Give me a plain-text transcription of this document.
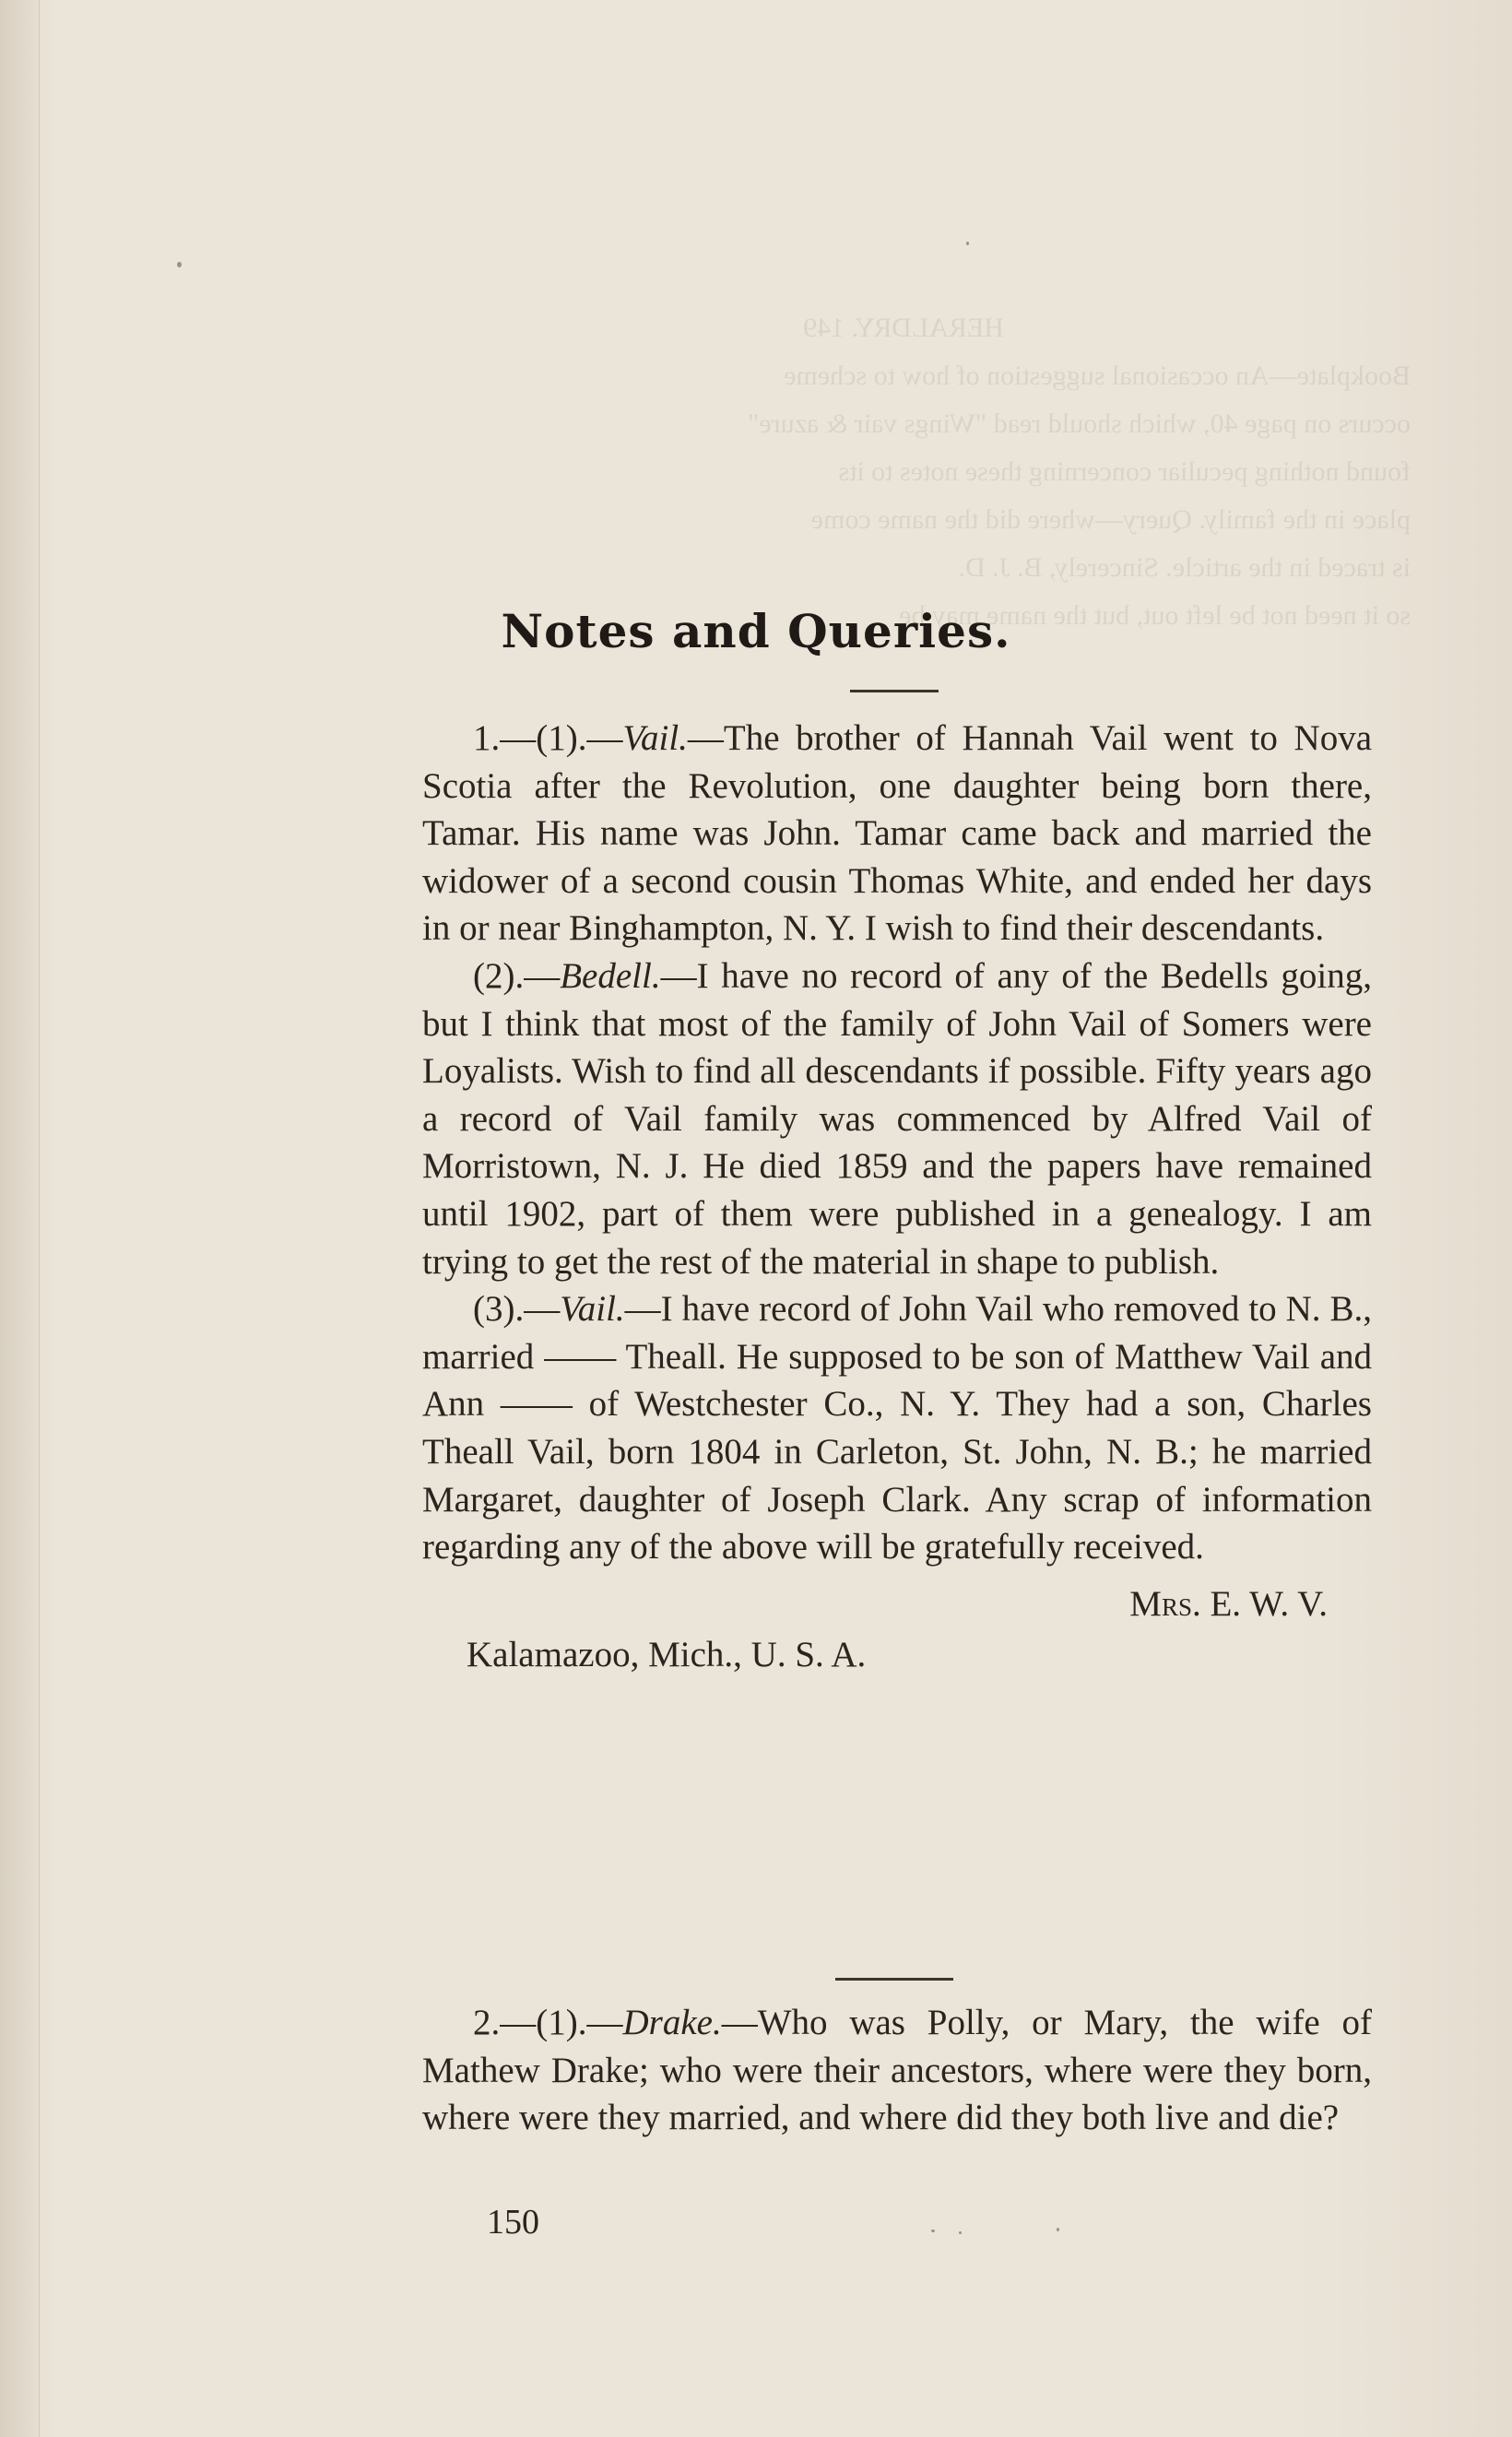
HERALDRY. 149

Bookplate—An occasional suggestion of how to scheme

occurs on page 40, which should read "Wings vair & azure"

found nothing peculiar concerning these notes to its

place in the family. Query—where did the name come

is traced in the article. Sincerely, B. J. D.

so it need not be left out, but the name may be

Notes and Queries.

1.—(1).—Vail.—The brother of Hannah Vail went to Nova Scotia after the Revolution, one daughter being born there, Tamar. His name was John. Tamar came back and married the widower of a second cousin Thomas White, and ended her days in or near Binghampton, N. Y. I wish to find their descendants.

(2).—Bedell.—I have no record of any of the Bedells going, but I think that most of the family of John Vail of Somers were Loyalists. Wish to find all descendants if possible. Fifty years ago a record of Vail family was commenced by Alfred Vail of Morristown, N. J. He died 1859 and the papers have remained until 1902, part of them were published in a genealogy. I am trying to get the rest of the material in shape to publish.

(3).—Vail.—I have record of John Vail who removed to N. B., married —— Theall. He supposed to be son of Matthew Vail and Ann —— of Westchester Co., N. Y. They had a son, Charles Theall Vail, born 1804 in Carleton, St. John, N. B.; he married Margaret, daughter of Joseph Clark. Any scrap of information regarding any of the above will be gratefully received.

Mrs. E. W. V.

Kalamazoo, Mich., U. S. A.

2.—(1).—Drake.—Who was Polly, or Mary, the wife of Mathew Drake; who were their ancestors, where were they born, where were they married, and where did they both live and die?

150
